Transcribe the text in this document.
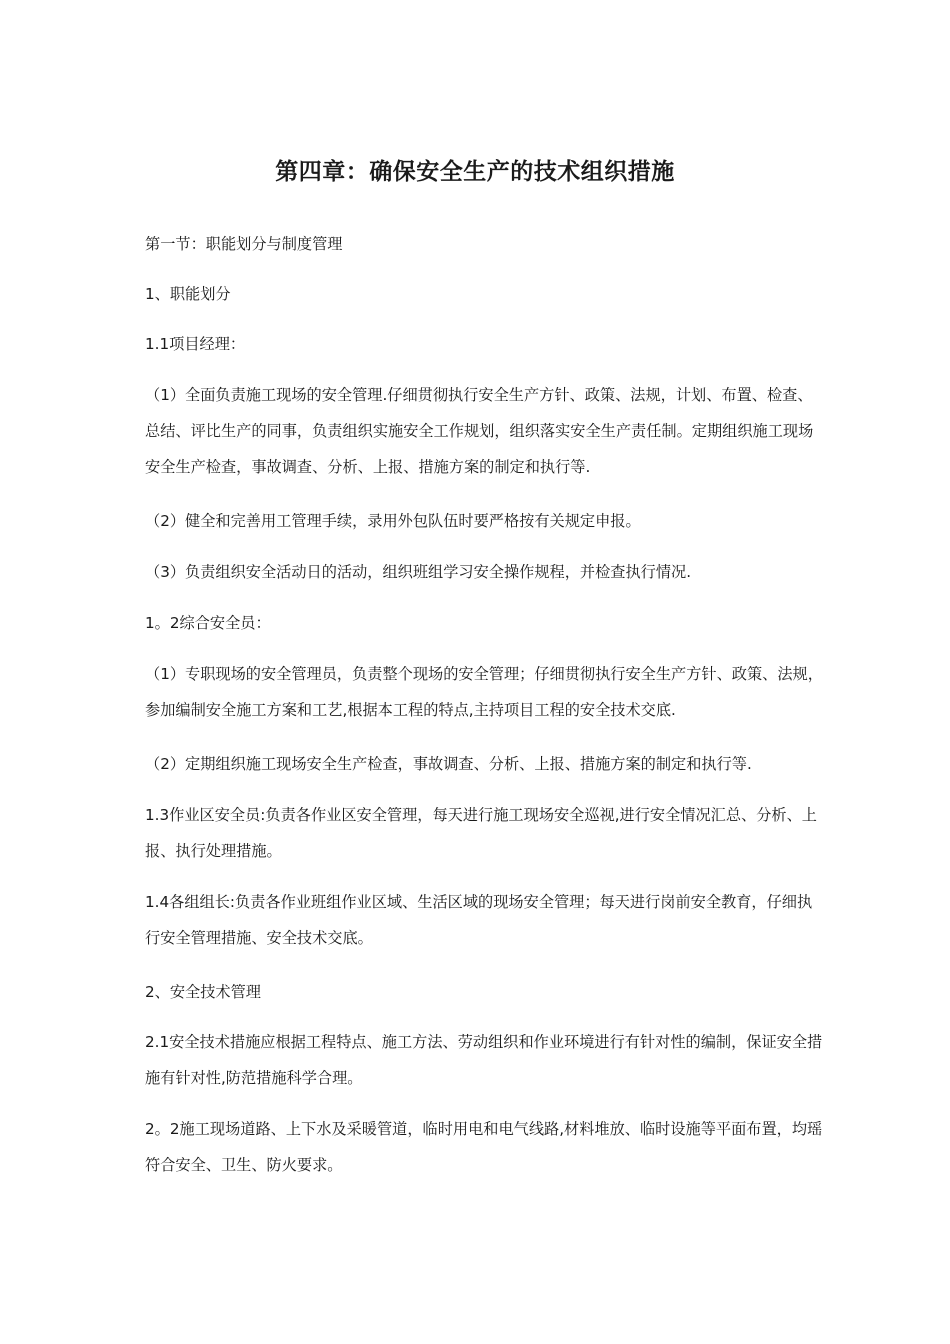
第四章：确保安全生产的技术组织措施
第一节：职能划分与制度管理
1、职能划分
1.1项目经理：
（1）全面负责施工现场的安全管理.仔细贯彻执行安全生产方针、政策、法规，计划、布置、检查、总结、评比生产的同事，负责组织实施安全工作规划，组织落实安全生产责任制。定期组织施工现场安全生产检查，事故调查、分析、上报、措施方案的制定和执行等.
（2）健全和完善用工管理手续，录用外包队伍时要严格按有关规定申报。
（3）负责组织安全活动日的活动，组织班组学习安全操作规程，并检查执行情况.
1。2综合安全员：
（1）专职现场的安全管理员，负责整个现场的安全管理；仔细贯彻执行安全生产方针、政策、法规，参加编制安全施工方案和工艺,根据本工程的特点,主持项目工程的安全技术交底.
（2）定期组织施工现场安全生产检查，事故调查、分析、上报、措施方案的制定和执行等.
1.3作业区安全员:负责各作业区安全管理，每天进行施工现场安全巡视,进行安全情况汇总、分析、上报、执行处理措施。
1.4各组组长:负责各作业班组作业区域、生活区域的现场安全管理；每天进行岗前安全教育，仔细执行安全管理措施、安全技术交底。
2、安全技术管理
2.1安全技术措施应根据工程特点、施工方法、劳动组织和作业环境进行有针对性的编制，保证安全措施有针对性,防范措施科学合理。
2。2施工现场道路、上下水及采暖管道，临时用电和电气线路,材料堆放、临时设施等平面布置，均瑶符合安全、卫生、防火要求。
